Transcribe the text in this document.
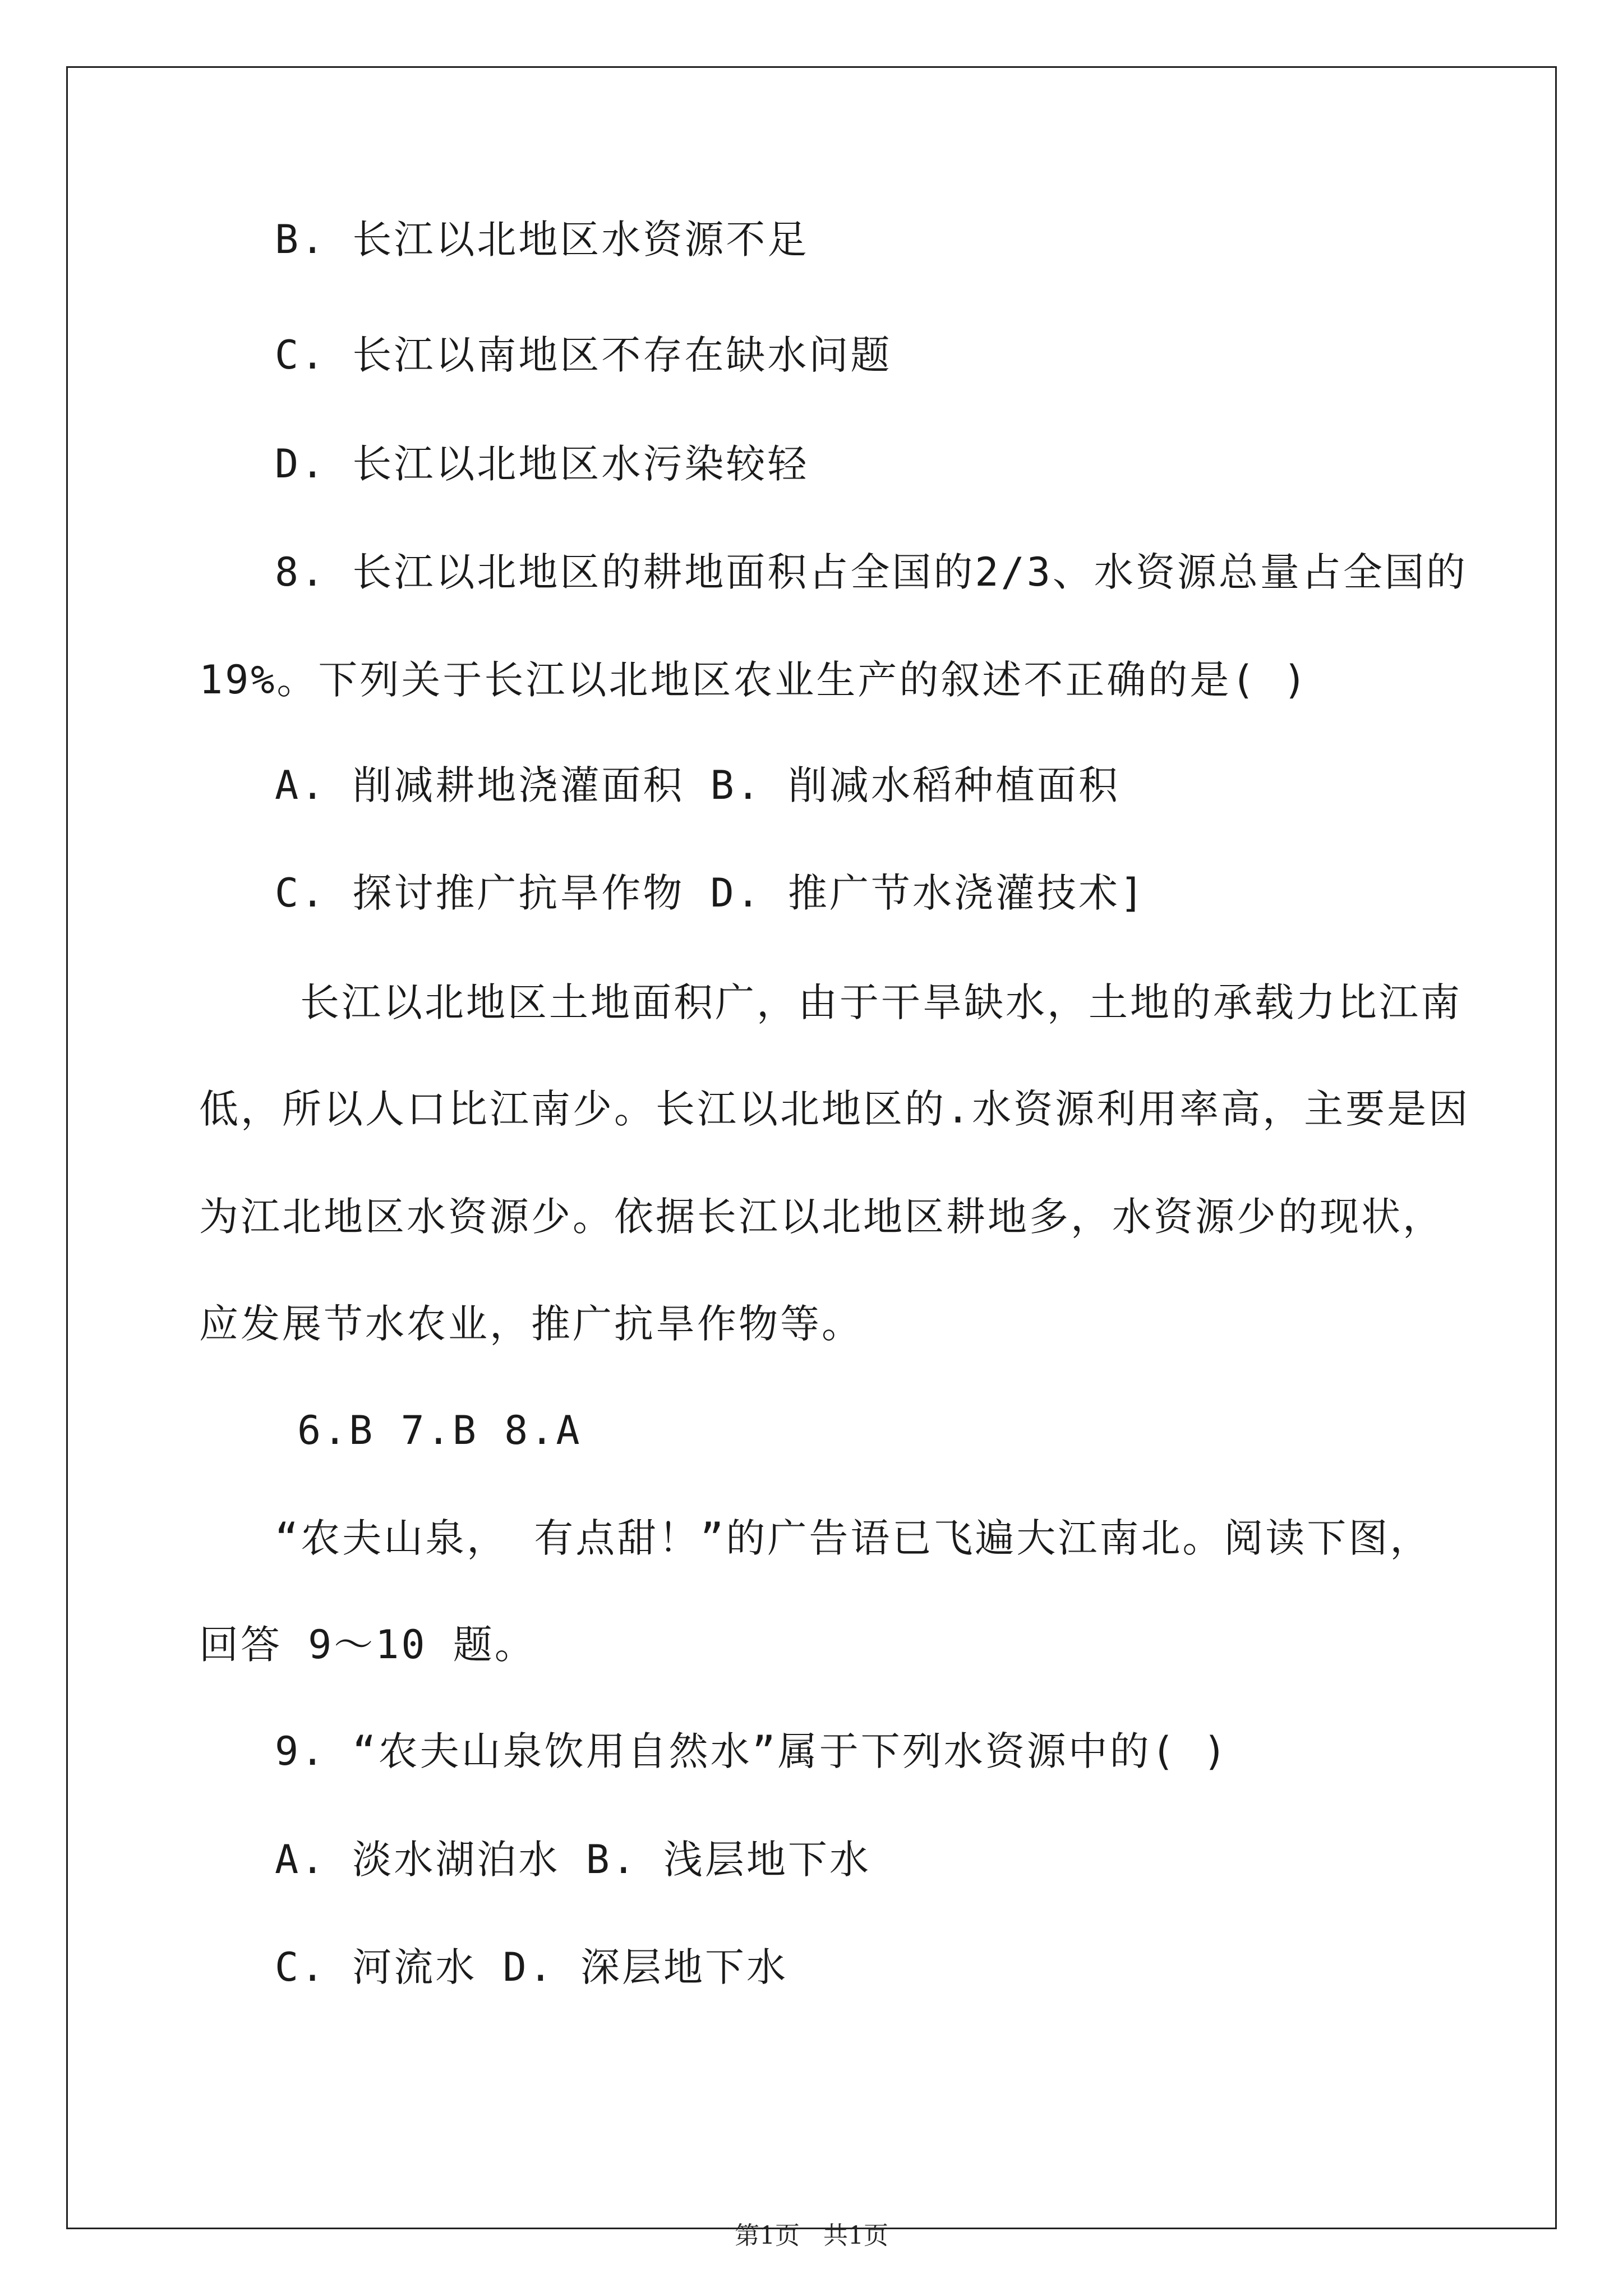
B. 长江以北地区水资源不足
C. 长江以南地区不存在缺水问题
D. 长江以北地区水污染较轻
8. 长江以北地区的耕地面积占全国的2/3、水资源总量占全国的
19%。下列关于长江以北地区农业生产的叙述不正确的是( )
A. 削减耕地浇灌面积 B. 削减水稻种植面积
C. 探讨推广抗旱作物 D. 推广节水浇灌技术]
长江以北地区土地面积广，由于干旱缺水，土地的承载力比江南
低，所以人口比江南少。长江以北地区的.水资源利用率高，主要是因
为江北地区水资源少。依据长江以北地区耕地多，水资源少的现状，
应发展节水农业，推广抗旱作物等。
6.B 7.B 8.A
“农夫山泉， 有点甜！”的广告语已飞遍大江南北。阅读下图，
回答 9～10 题。
9. “农夫山泉饮用自然水”属于下列水资源中的( )
A. 淡水湖泊水 B. 浅层地下水
C. 河流水 D. 深层地下水
第1页   共1页
